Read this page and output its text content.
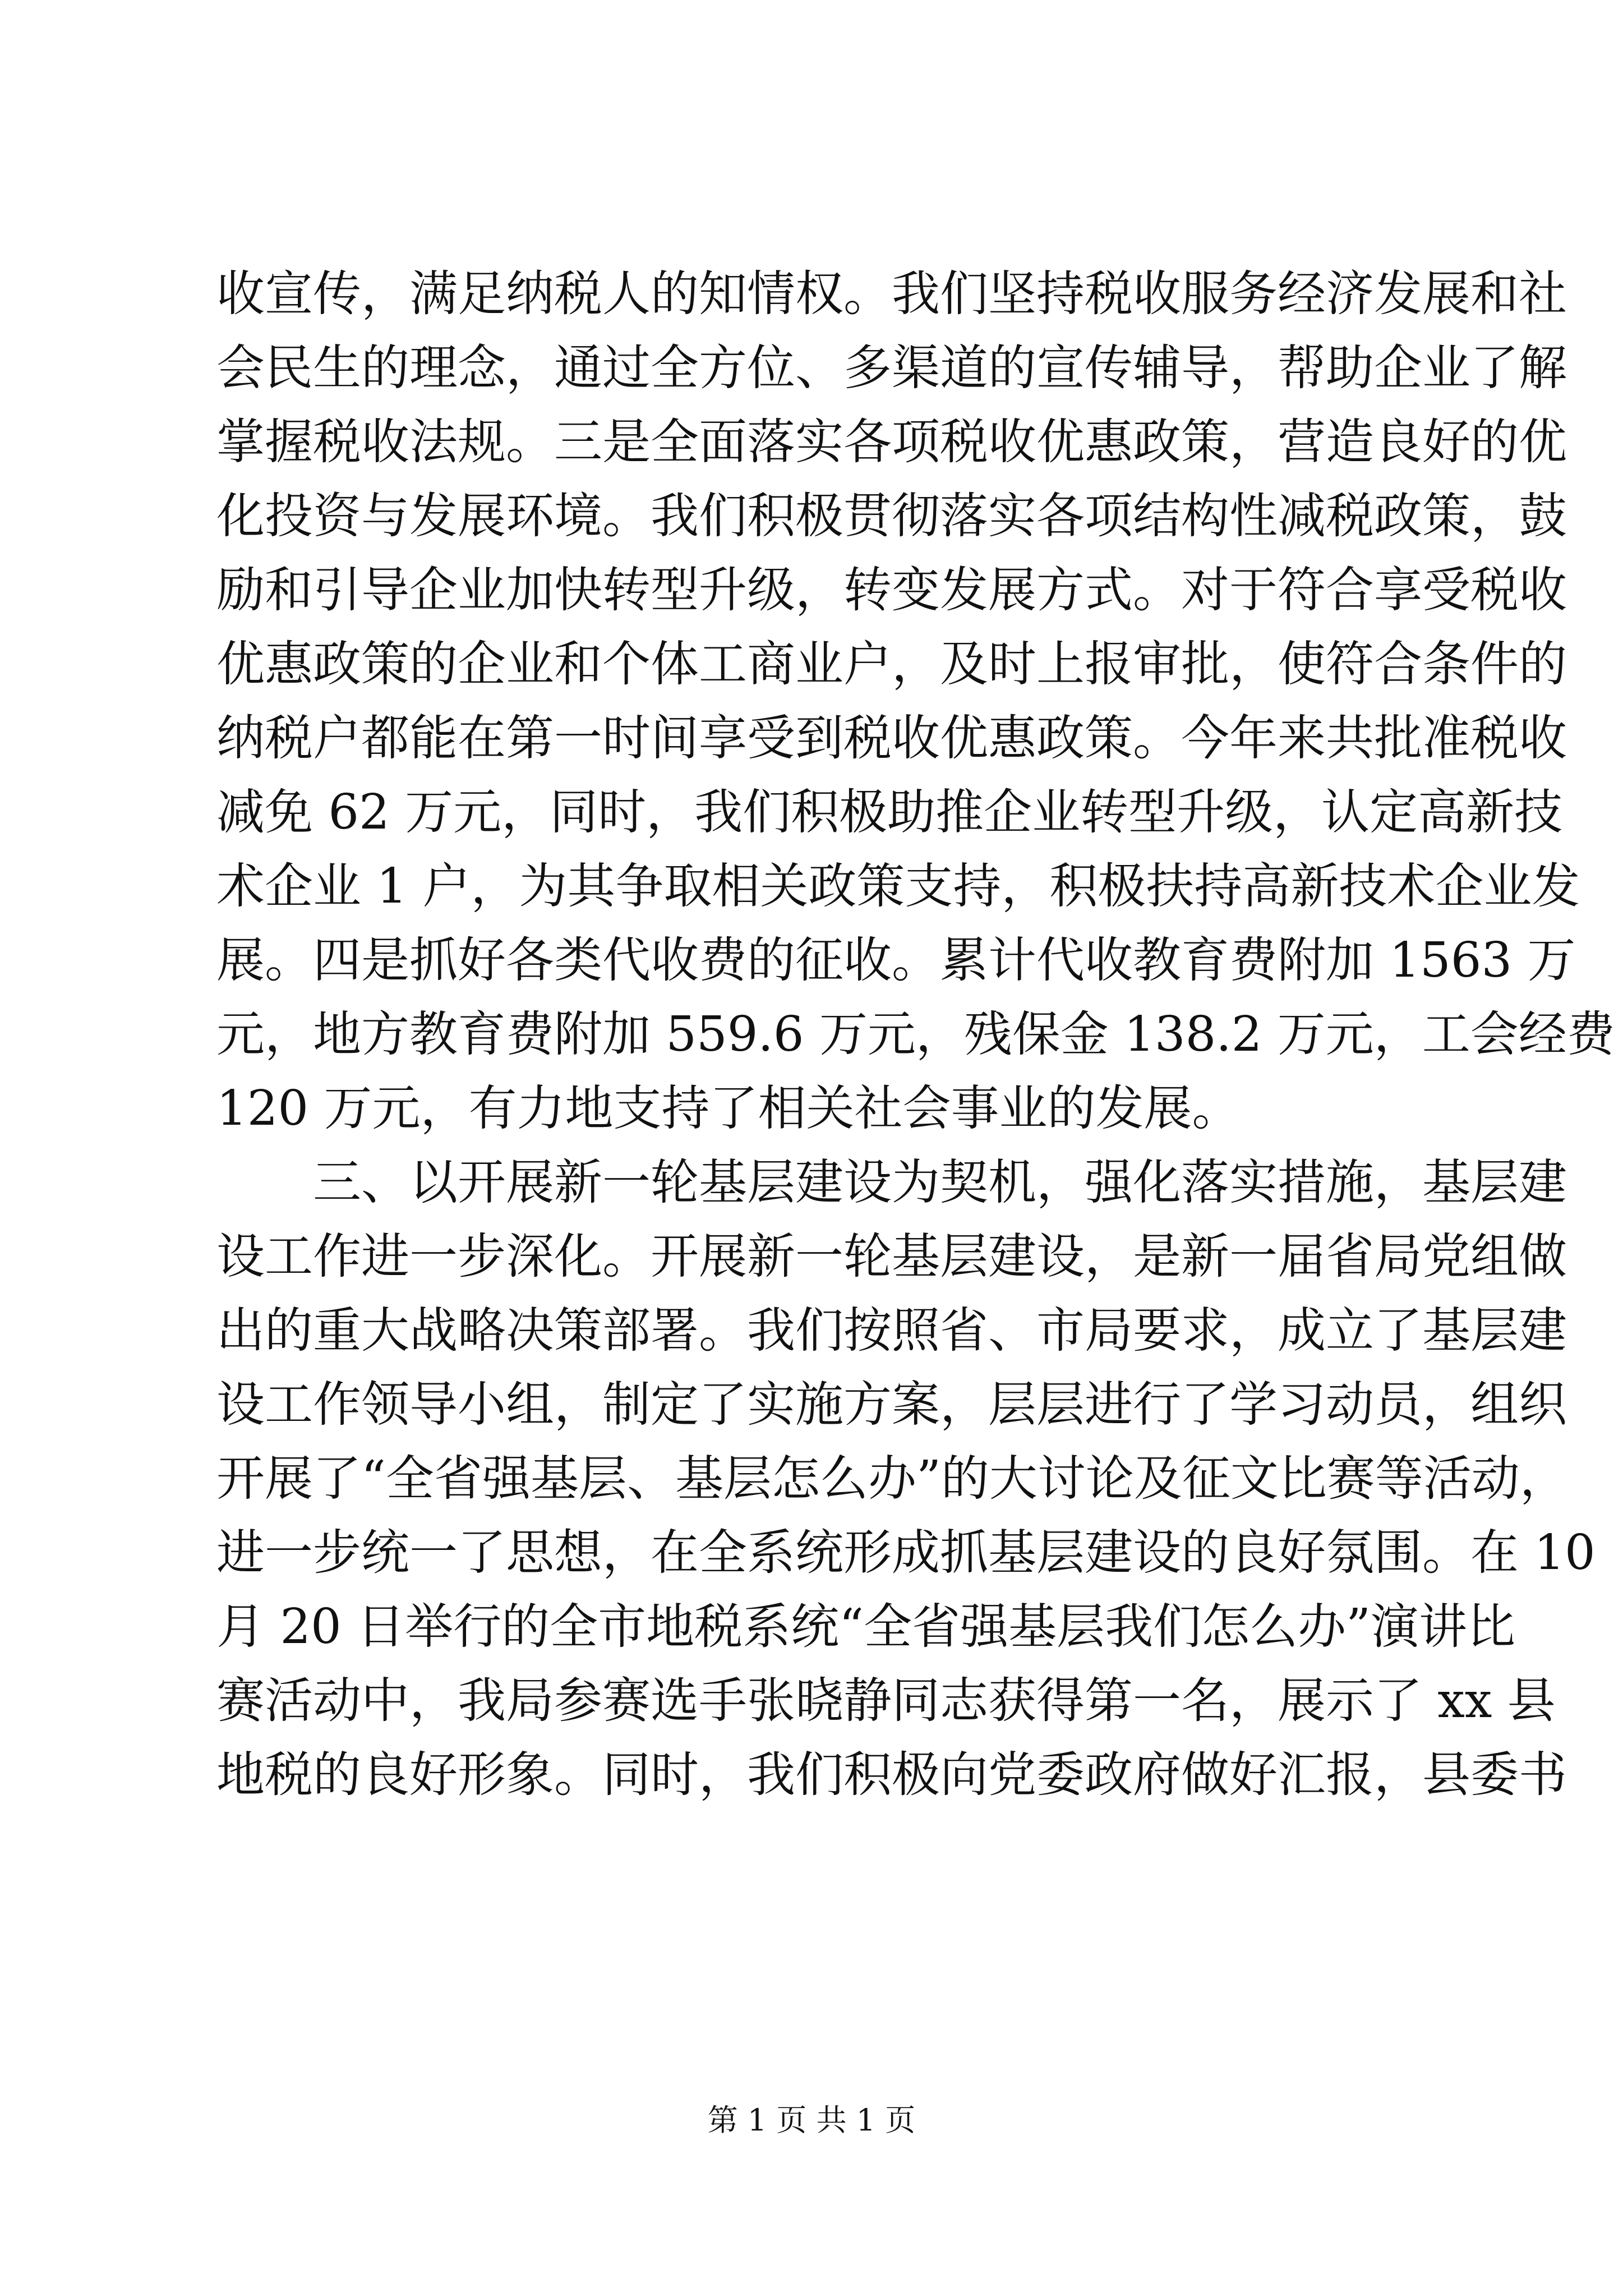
收宣传，满足纳税人的知情权。我们坚持税收服务经济发展和社
会民生的理念，通过全方位、多渠道的宣传辅导，帮助企业了解
掌握税收法规。三是全面落实各项税收优惠政策，营造良好的优
化投资与发展环境。我们积极贯彻落实各项结构性减税政策，鼓
励和引导企业加快转型升级，转变发展方式。对于符合享受税收
优惠政策的企业和个体工商业户，及时上报审批，使符合条件的
纳税户都能在第一时间享受到税收优惠政策。今年来共批准税收
减免 62 万元，同时，我们积极助推企业转型升级，认定高新技
术企业 1 户，为其争取相关政策支持，积极扶持高新技术企业发
展。四是抓好各类代收费的征收。累计代收教育费附加 1563 万
元，地方教育费附加 559.6 万元，残保金 138.2 万元，工会经费
120 万元，有力地支持了相关社会事业的发展。
　　三、以开展新一轮基层建设为契机，强化落实措施，基层建
设工作进一步深化。开展新一轮基层建设，是新一届省局党组做
出的重大战略决策部署。我们按照省、市局要求，成立了基层建
设工作领导小组，制定了实施方案，层层进行了学习动员，组织
开展了“全省强基层、基层怎么办”的大讨论及征文比赛等活动，
进一步统一了思想，在全系统形成抓基层建设的良好氛围。在 10
月 20 日举行的全市地税系统“全省强基层我们怎么办”演讲比
赛活动中，我局参赛选手张晓静同志获得第一名，展示了 xx 县
地税的良好形象。同时，我们积极向党委政府做好汇报，县委书
第 1 页 共 1 页
